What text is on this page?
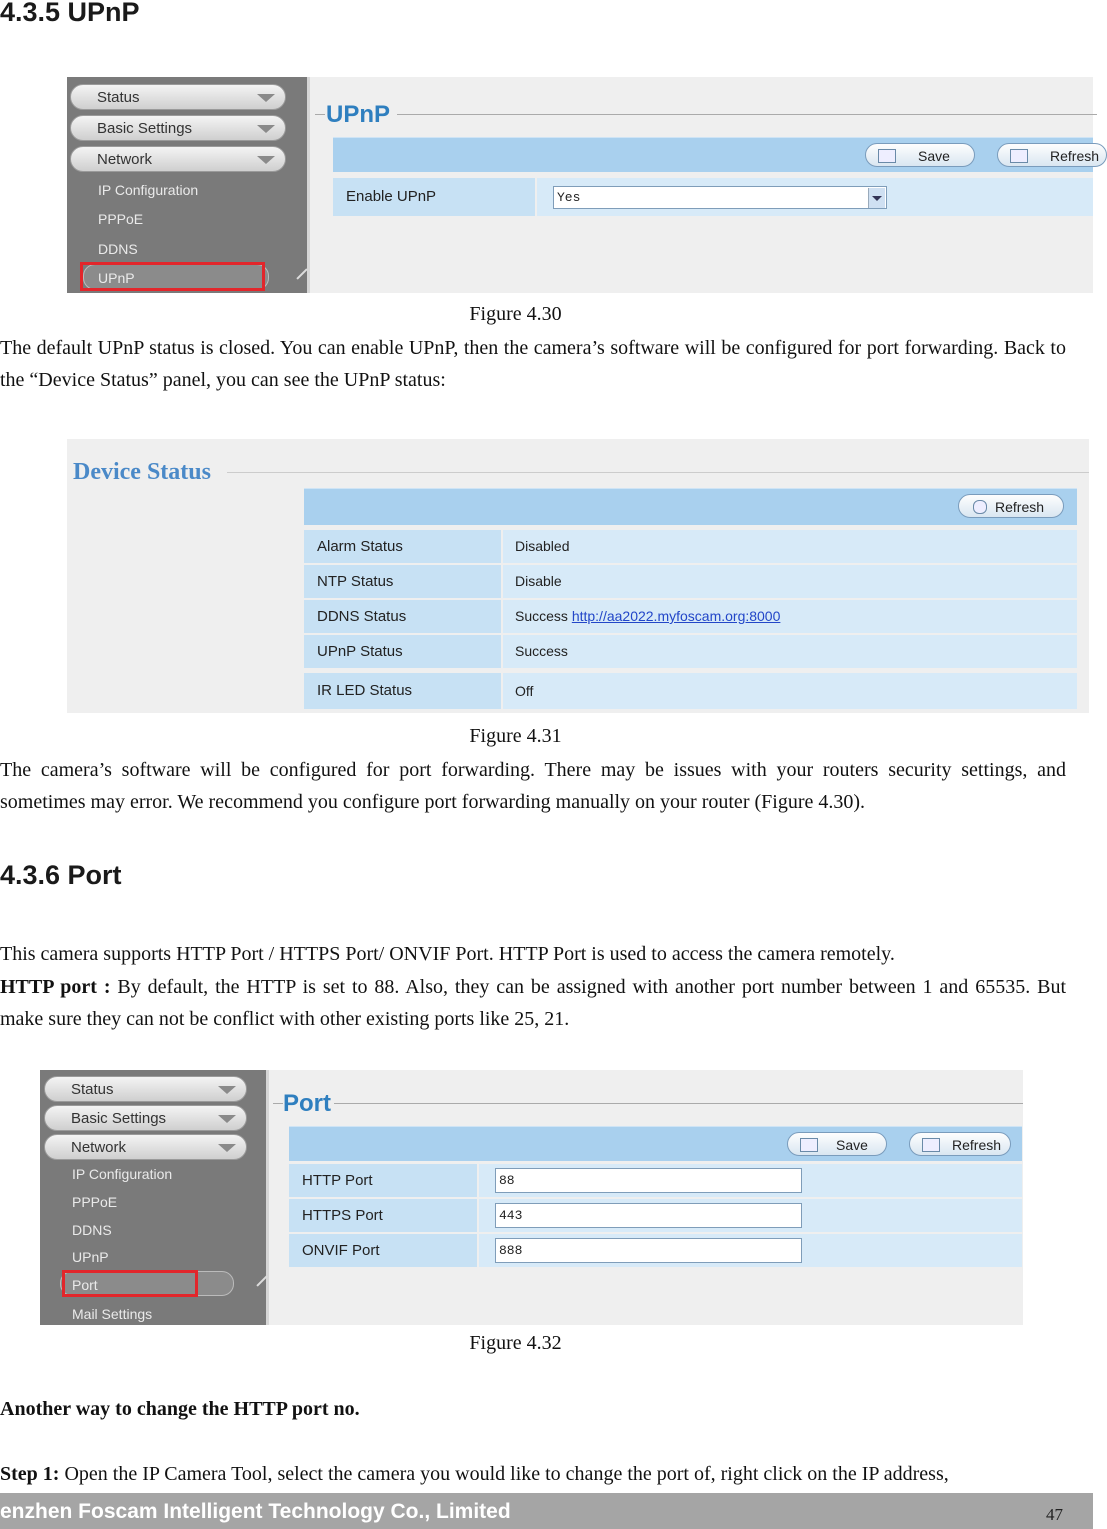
4.3.5 UPnP
Status
Basic Settings
Network
IP Configuration
PPPoE
DDNS
UPnP
UPnP
Save	Refresh
Enable UPnP	Yes
Figure 4.30
The default UPnP status is closed. You can enable UPnP, then the camera’s software will be configured for port forwarding. Back to the “Device Status” panel, you can see the UPnP status:
Device Status
Refresh
Alarm Status	Disabled
NTP Status	Disable
DDNS Status	Success http://aa2022.myfoscam.org:8000
UPnP Status	Success
IR LED Status	Off
Figure 4.31
The camera’s software will be configured for port forwarding. There may be issues with your routers security settings, and sometimes may error. We recommend you configure port forwarding manually on your router (Figure 4.30).
4.3.6 Port
This camera supports HTTP Port / HTTPS Port/ ONVIF Port. HTTP Port is used to access the camera remotely.
HTTP port : By default, the HTTP is set to 88. Also, they can be assigned with another port number between 1 and 65535. But make sure they can not be conflict with other existing ports like 25, 21.
Status
Basic Settings
Network
IP Configuration
PPPoE
DDNS
UPnP
Port
Mail Settings
Port
Save	Refresh
HTTP Port	88
HTTPS Port	443
ONVIF Port	888
Figure 4.32
Another way to change the HTTP port no.
Step 1: Open the IP Camera Tool, select the camera you would like to change the port of, right click on the IP address,
enzhen Foscam Intelligent Technology Co., Limited	47
